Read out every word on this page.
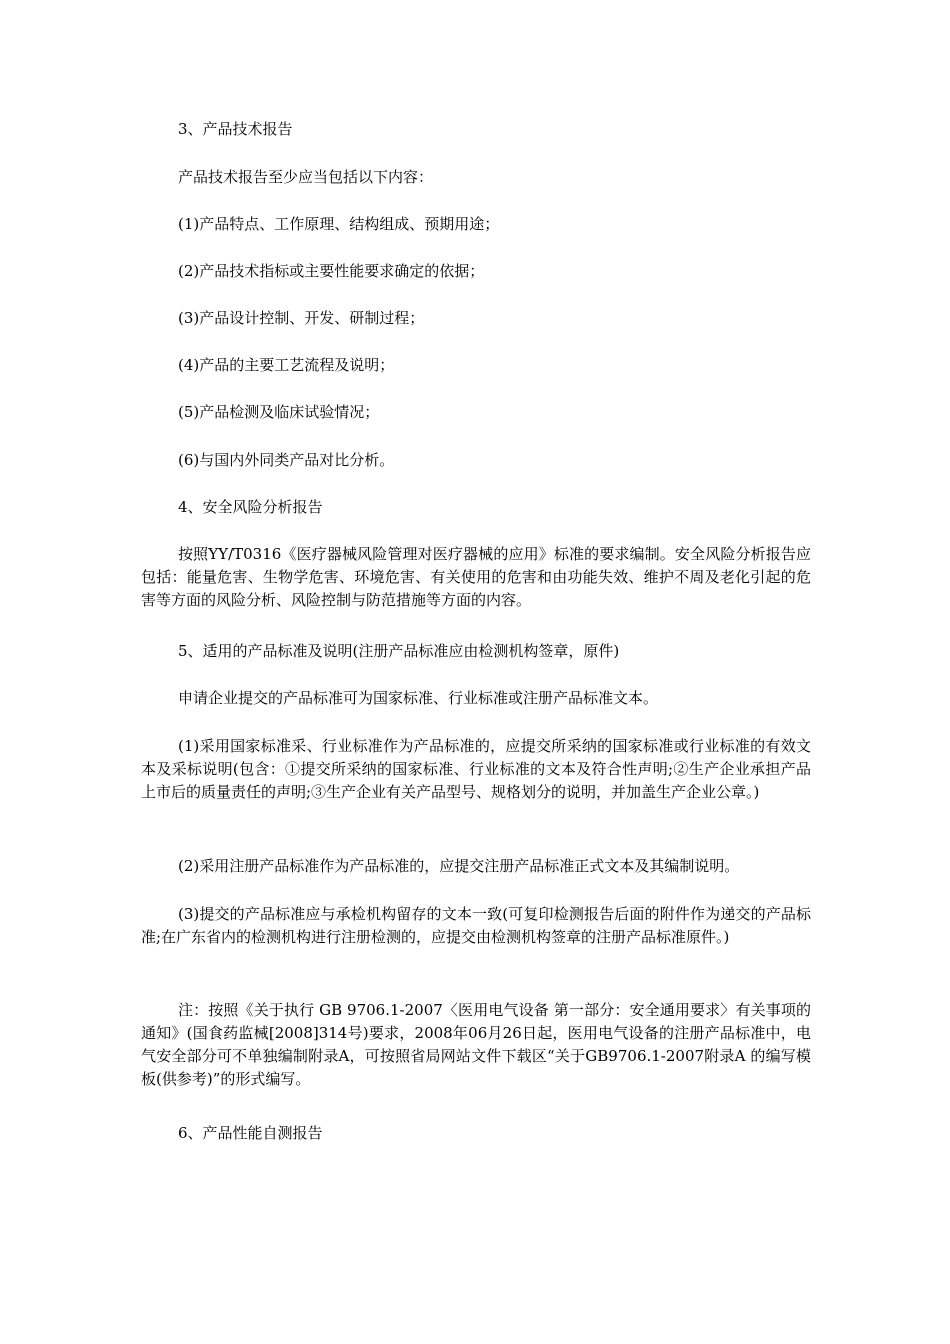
3、产品技术报告

产品技术报告至少应当包括以下内容：

(1)产品特点、工作原理、结构组成、预期用途；

(2)产品技术指标或主要性能要求确定的依据；

(3)产品设计控制、开发、研制过程；

(4)产品的主要工艺流程及说明；

(5)产品检测及临床试验情况；

(6)与国内外同类产品对比分析。

4、安全风险分析报告

按照YY/T0316《医疗器械风险管理对医疗器械的应用》标准的要求编制。安全风险分析报告应包括：能量危害、生物学危害、环境危害、有关使用的危害和由功能失效、维护不周及老化引起的危害等方面的风险分析、风险控制与防范措施等方面的内容。

5、适用的产品标准及说明(注册产品标准应由检测机构签章，原件)

申请企业提交的产品标准可为国家标准、行业标准或注册产品标准文本。

(1)采用国家标准采、行业标准作为产品标准的，应提交所采纳的国家标准或行业标准的有效文本及采标说明(包含：①提交所采纳的国家标准、行业标准的文本及符合性声明;②生产企业承担产品上市后的质量责任的声明;③生产企业有关产品型号、规格划分的说明，并加盖生产企业公章。)

(2)采用注册产品标准作为产品标准的，应提交注册产品标准正式文本及其编制说明。

(3)提交的产品标准应与承检机构留存的文本一致(可复印检测报告后面的附件作为递交的产品标准;在广东省内的检测机构进行注册检测的，应提交由检测机构签章的注册产品标准原件。)

注：按照《关于执行 GB 9706.1-2007〈医用电气设备 第一部分：安全通用要求〉有关事项的通知》(国食药监械[2008]314号)要求，2008年06月26日起，医用电气设备的注册产品标准中，电气安全部分可不单独编制附录A，可按照省局网站文件下载区“关于GB9706.1-2007附录A 的编写模板(供参考)”的形式编写。

6、产品性能自测报告
